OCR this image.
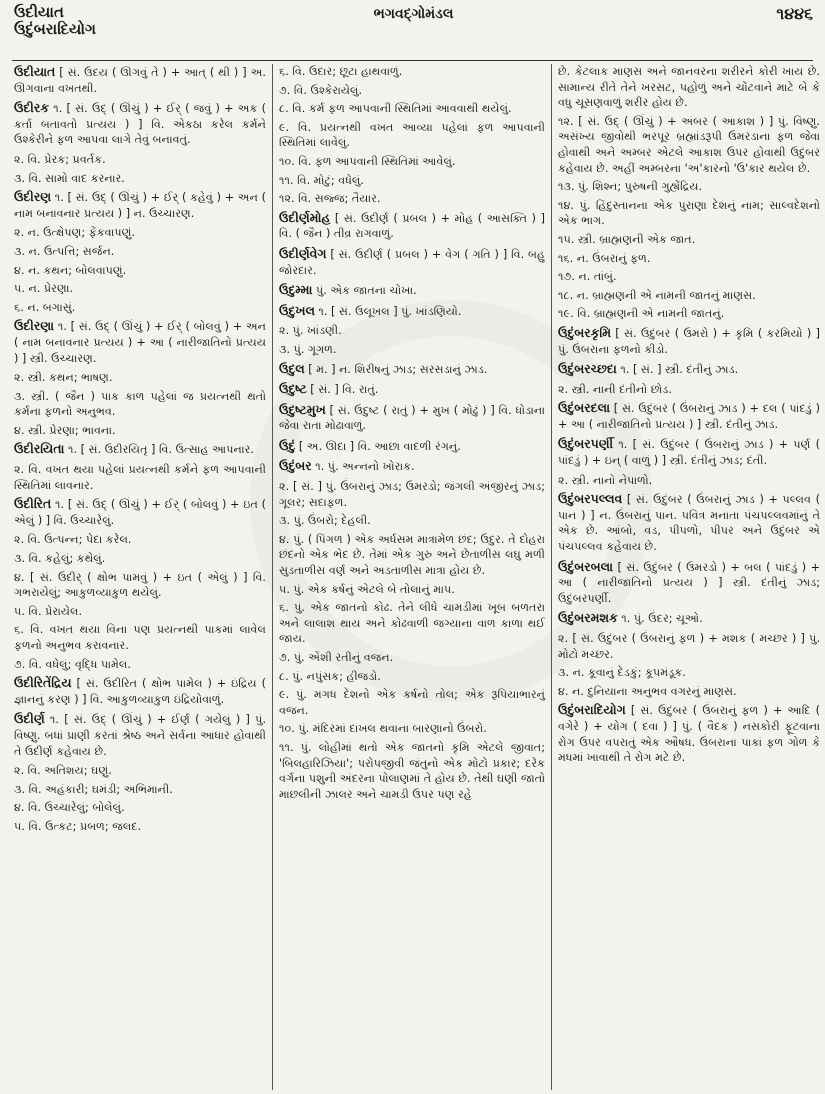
ઉદીયાત
ઉદુંબરાદિયોગ
ભગવદ્ગોમંડલ	૧૪૪૬
ઉદીયાત [ સં. ઉદય ( ઊગવું તે ) + આત્ ( થી ) ] અ. ઊગવાના વખતથી.
ઉદીરક ૧. [ સં. ઉદ્ ( ઊંચું ) + ઈર્ ( જવું ) + અક ( કર્તા બતાવતો પ્રત્યય ) ] વિ. એકઠા કરેલ કર્મને ઉશ્કેરીને ફળ આપવા લાગે તેવું બનાવતું.
૨. વિ. પ્રેરક; પ્રવર્તક.
૩. વિ. સામો વાદ કરનાર.
ઉદીરણ ૧. [ સં. ઉદ્ ( ઊંચું ) + ઈર્ ( કહેવું ) + અન ( નામ બનાવનાર પ્રત્યય ) ] ન. ઉચ્ચારણ.
૨. ન. ઉત્ક્ષેપણ; ફેંકવાપણું.
૩. ન. ઉત્પત્તિ; સર્જન.
૪. ન. કથન; બોલવાપણું.
૫. ન. પ્રેરણા.
૬. ન. બગાસું.
ઉદીરણા ૧. [ સં. ઉદ્ ( ઊંચું ) + ઈર્ ( બોલવું ) + અન ( નામ બનાવનાર પ્રત્યય ) + આ ( નારીજાતિનો પ્રત્યય ) ] સ્ત્રી. ઉચ્ચારણ.
૨. સ્ત્રી. કથન; ભાષણ.
૩. સ્ત્રી. ( જૈન ) પાક કાળ પહેલાં જ પ્રયત્નથી થતો કર્મના ફળનો અનુભવ.
૪. સ્ત્રી. પ્રેરણા; ભાવના.
ઉદીરયિતા ૧. [ સં. ઉદીરયિતૃ ] વિ. ઉત્સાહ આપનાર.
૨. વિ. વખત થયા પહેલાં પ્રયત્નથી કર્મને ફળ આપવાની સ્થિતિમાં લાવનાર.
ઉદીરિત ૧. [ સં. ઉદ્ ( ઊંચું ) + ઈર્ ( બોલવું ) + ઇત ( એલું ) ] વિ. ઉચ્ચારેલું.
૨. વિ. ઉત્પન્ન; પેદા કરેલ.
૩. વિ. કહેલું; કથેલું.
૪. [ સં. ઉદીર્ ( ક્ષોભ પામવું ) + ઇત ( એલું ) ] વિ. ગભરાયેલું; આકુળવ્યાકુળ થયેલું.
૫. વિ. પ્રેરાયેલ.
૬. વિ. વખત થયા વિના પણ પ્રયત્નથી પાકમાં લાવેલ ફળનો અનુભવ કરાવનાર.
૭. વિ. વધેલું; વૃદ્ધિ પામેલ.
ઉદીરિતેંદ્રિય [ સં. ઉદીરિત ( ક્ષોભ પામેલ ) + ઇંદ્રિય ( જ્ઞાનનું કરણ ) ] વિ. આકુળવ્યાકુળ ઇંદ્રિયોવાળું.
ઉદીર્ણ ૧. [ સં. ઉદ્ ( ઊંચું ) + ઈર્ણ ( ગયેલું ) ] પું. વિષ્ણુ. બધાં પ્રાણી કરતાં શ્રેષ્ઠ અને સર્વના આધાર હોવાથી તે ઉદીર્ણ કહેવાય છે.
૨. વિ. અતિશય; ઘણું.
૩. વિ. અહંકારી; ઘમંડી; અભિમાની.
૪. વિ. ઉચ્ચારેલું; બોલેલું.
૫. વિ. ઉત્કટ; પ્રબળ; જલદ.
૬. વિ. ઉદાર; છૂટા હાથવાળું.
૭. વિ. ઉશ્કેરાયેલું.
૮. વિ. કર્મ ફળ આપવાની સ્થિતિમાં આવવાથી થયેલું.
૯. વિ. પ્રયત્નથી વખત આવ્યા પહેલાં ફળ આપવાની સ્થિતિમાં લાવેલું.
૧૦. વિ. ફળ આપવાની સ્થિતિમાં આવેલું.
૧૧. વિ. મોટું; વધેલું.
૧૨. વિ. સજ્જ; તૈયાર.
ઉદીર્ણમોહ [ સં. ઉદીર્ણ ( પ્રબલ ) + મોહ ( આસક્તિ ) ] વિ. ( જૈન ) તીવ્ર રાગવાળું.
ઉદીર્ણવેગ [ સં. ઉદીર્ણ ( પ્રબલ ) + વેગ ( ગતિ ) ] વિ. બહુ જોરદાર.
ઉદુમ્મા પું. એક જાતના ચોખા.
ઉદુખલ ૧. [ સં. ઉલૂખલ ] પું. ખાંડણિયો.
૨. પું. ખાંડણી.
૩. પું. ગૂગળ.
ઉદુલ [ મ. ] ન. શિરીષનું ઝાડ; સરસડાનું ઝાડ.
ઉદુષ્ટ [ સં. ] વિ. રાતું.
ઉદુષ્ટમુખ [ સં. ઉદુષ્ટ ( રાતું ) + મુખ ( મોઢું ) ] વિ. ધોડાના જેવા રાતા મોઢાવાળું.
ઉદું [ અ. ઊદા ] વિ. આછા વાદળી રંગનું.
ઉદુંબર ૧. પું. અન્નનો ખોરાક.
૨. [ સં. ] પું. ઉંબરાનું ઝાડ; ઉમરડો; જંગલી અંજીરનું ઝાડ; ગૂલર; સદાફળ.
૩. પું. ઉંબરો; દેહલી.
૪. પું. ( પિંગળ ) એક અર્ધસમ માત્રામેળ છંદ; ઉદુર. તે દોહરા છંદનો એક ભેદ છે. તેમાં એક ગુરુ અને છેતાળીસ લઘુ મળી સુડતાળીસ વર્ણ અને અડતાળીસ માત્રા હોય છે.
૫. પું. એક કર્ષનું એટલે બે તોલાનું માપ.
૬. પું. એક જાતનો કોઢ. તેને લીધે ચામડીમાં ખૂબ બળતરા અને લાલાશ થાય અને કોઢવાળી જગ્યાના વાળ કાળા થઈ જાય.
૭. પું. એંશી રતીનું વજન.
૮. પું. નપુંસક; હીજડો.
૯. પું. મગધ દેશનો એક કર્ષનો તોલ; એક રૂપિયાભારનું વજન.
૧૦. પું. મંદિરમાં દાખલ થવાના બારણાનો ઉંબરો.
૧૧. પું. લોહીમાં થતો એક જાતનો કૃમિ એટલે જીવાત; 'બિલહારિઝિયા'; પરોપજીવી જંતુનો એક મોટો પ્રકાર; દરેક વર્ગના પશુની અંદરના પોલાણમાં તે હોય છે. તેથી ઘણી જાતો માછલીની ઝાલર અને ચામડી ઉપર પણ રહે
છે. કેટલાક માણસ અને જાનવરના શરીરને કોરી ખાય છે. સામાન્ય રીતે તેને ખરસટ, પહોળું અને ચોંટવાને માટે બે કે વધુ ચૂસણવાળું શરીર હોય છે.
૧૨. [ સં. ઉદ્ ( ઊંચું ) + અંબર ( આકાશ ) ] પું. વિષ્ણુ. અસંખ્ય જીવોથી ભરપૂર બ્રહ્માંડરૂપી ઉમરડાના ફળ જેવા હોવાથી અને અમ્બર એટલે આકાશ ઉપર હોવાથી ઉદુંબર કહેવાય છે. અહીં અમ્બરના 'અ'કારનો 'ઉ'કાર થયેલ છે.
૧૩. પું. શિશ્ન; પુરુષની ગુહ્યેંદ્રિય.
૧૪. પું. હિંદુસ્તાનના એક પુરાણા દેશનું નામ; સાલ્વદેશનો એક ભાગ.
૧૫. સ્ત્રી. બ્રાહ્મણની એક જાત.
૧૬. ન. ઉંબરાનું ફળ.
૧૭. ન. તાંબું.
૧૮. ન. બ્રાહ્મણની એ નામની જાતનું માણસ.
૧૯. વિ. બ્રાહ્મણની એ નામની જાતનું.
ઉદુંબરકૃમિ [ સં. ઉદુંબર ( ઉમરો ) + કૃમિ ( કરમિયો ) ] પું. ઉંબરાના ફળનો કીડો.
ઉદુંબરચ્છદા ૧. [ સં. ] સ્ત્રી. દંતીનું ઝાડ.
૨. સ્ત્રી. નાની દંતીનો છોડ.
ઉદુંબરદલા [ સં. ઉદુંબર ( ઉંબરાનું ઝાડ ) + દલ ( પાંદડું ) + આ ( નારીજાતિનો પ્રત્યય ) ] સ્ત્રી. દંતીનું ઝાડ.
ઉદુંબરપર્ણી ૧. [ સં. ઉદુંબર ( ઉંબરાનું ઝાડ ) + પર્ણ ( પાંદડું ) + ઇન્ ( વાળું ) ] સ્ત્રી. દંતીનું ઝાડ; દંતી.
૨. સ્ત્રી. નાનો નેપાળો.
ઉદુંબરપલ્લવ [ સં. ઉદુંબર ( ઉંબરાનું ઝાડ ) + પલ્લવ ( પાન ) ] ન. ઉંબરાનું પાન. પવિત્ર મનાતા પંચપલ્લવમાંનું તે એક છે. આંબો, વડ, પીપળો, પીપર અને ઉદુંબર એ પંચપલ્લવ કહેવાય છે.
ઉદુંબરબલા [ સં. ઉદુંબર ( ઉમરડો ) + બલ ( પાંદડું ) + આ ( નારીજાતિનો પ્રત્યય ) ] સ્ત્રી. દંતીનું ઝાડ; ઉદુંબરપર્ણી.
ઉદુંબરમશક ૧. પું. ઉંદર; ચૂઓ.
૨. [ સં. ઉદુંબર ( ઉંબરાનું ફળ ) + મશક ( મચ્છર ) ] પું. મોટો મચ્છર.
૩. ન. કૂવાનું દેડકું; કૂપમંડૂક.
૪. ન. દુનિયાના અનુભવ વગરનું માણસ.
ઉદુંબરાદિયોગ [ સં. ઉદુંબર ( ઉંબરાનું ફળ ) + આદિ ( વગેરે ) + યોગ ( દવા ) ] પું. ( વૈદક ) નસકોરી ફૂટવાના રોગ ઉપર વપરાતું એક ઔષધ. ઉંબરાના પાકાં ફળ ગોળ કે મધમાં ખાવાથી તે રોગ મટે છે.
